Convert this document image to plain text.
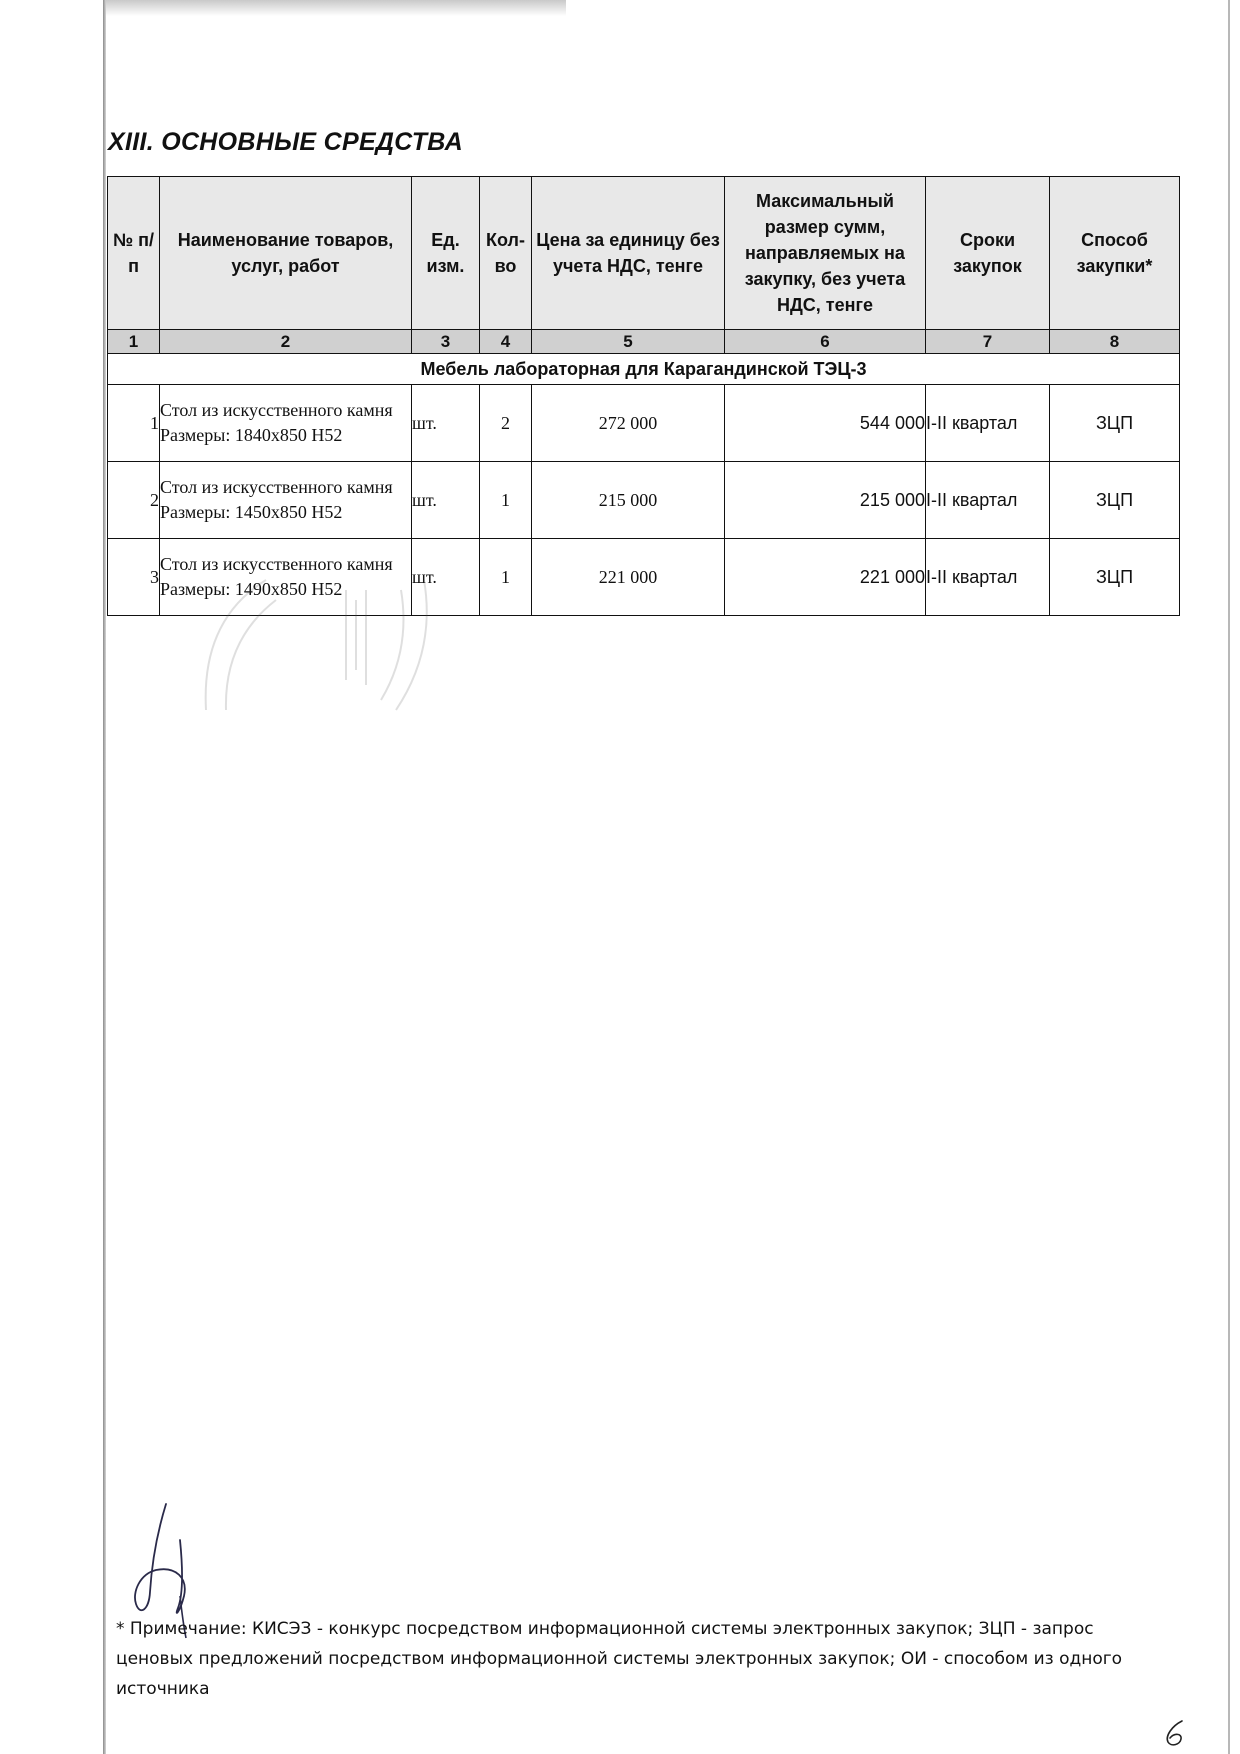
XIII. ОСНОВНЫЕ СРЕДСТВА
№ п/п	Наименование товаров, услуг, работ	Ед. изм.	Кол-во	Цена за единицу без учета НДС, тенге	Максимальный размер сумм, направляемых на закупку, без учета НДС, тенге	Сроки закупок	Способ закупки*
1	2	3	4	5	6	7	8
Мебель лабораторная для Карагандинской ТЭЦ-3							
1	Стол из искусственного камня Размеры: 1840x850 H52	шт.	2	272 000	544 000	I-II квартал	ЗЦП
2	Стол из искусственного камня Размеры: 1450x850 H52	шт.	1	215 000	215 000	I-II квартал	ЗЦП
3	Стол из искусственного камня Размеры: 1490x850 H52	шт.	1	221 000	221 000	I-II квартал	ЗЦП
* Примечание: КИСЭЗ - конкурс посредством информационной системы электронных закупок; ЗЦП - запрос ценовых предложений посредством информационной системы электронных закупок; ОИ - способом из одного источника
